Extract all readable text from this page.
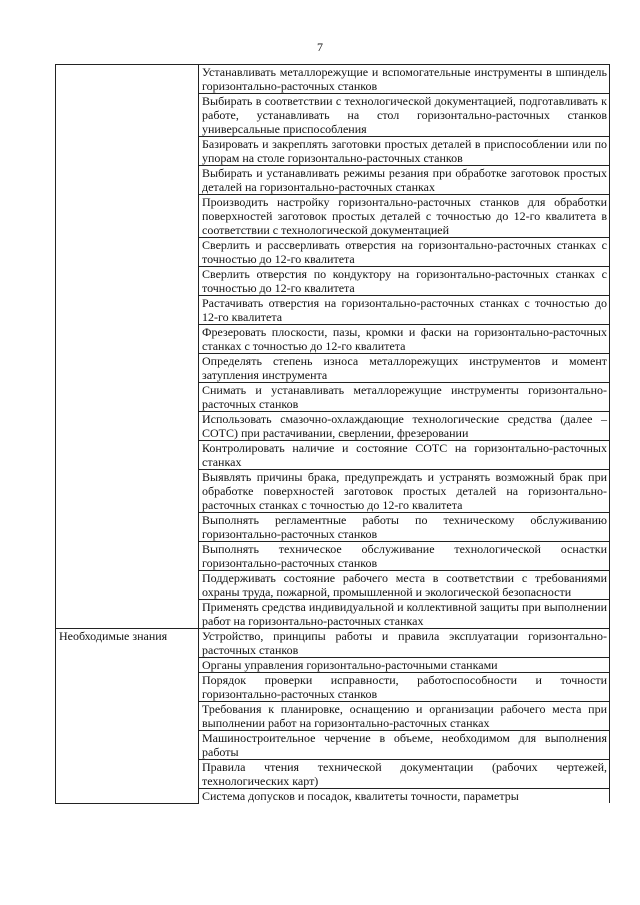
7
	Устанавливать металлорежущие и вспомогательные инструменты в шпиндель горизонтально-расточных станков
	Выбирать в соответствии с технологической документацией, подготавливать к работе, устанавливать на стол горизонтально-расточных станков универсальные приспособления
	Базировать и закреплять заготовки простых деталей в приспособлении или по упорам на столе горизонтально-расточных станков
	Выбирать и устанавливать режимы резания при обработке заготовок простых деталей на горизонтально-расточных станках
	Производить настройку горизонтально-расточных станков для обработки поверхностей заготовок простых деталей с точностью до 12-го квалитета в соответствии с технологической документацией
	Сверлить и рассверливать отверстия на горизонтально-расточных станках с точностью до 12-го квалитета
	Сверлить отверстия по кондуктору на горизонтально-расточных станках с точностью до 12-го квалитета
	Растачивать отверстия на горизонтально-расточных станках с точностью до 12-го квалитета
	Фрезеровать плоскости, пазы, кромки и фаски на горизонтально-расточных станках с точностью до 12-го квалитета
	Определять степень износа металлорежущих инструментов и момент затупления инструмента
	Снимать и устанавливать металлорежущие инструменты горизонтально-расточных станков
	Использовать смазочно-охлаждающие технологические средства (далее – СОТС) при растачивании, сверлении, фрезеровании
	Контролировать наличие и состояние СОТС на горизонтально-расточных станках
	Выявлять причины брака, предупреждать и устранять возможный брак при обработке поверхностей заготовок простых деталей на горизонтально-расточных станках с точностью до 12-го квалитета
	Выполнять регламентные работы по техническому обслуживанию горизонтально-расточных станков
	Выполнять техническое обслуживание технологической оснастки горизонтально-расточных станков
	Поддерживать состояние рабочего места в соответствии с требованиями охраны труда, пожарной, промышленной и экологической безопасности
	Применять средства индивидуальной и коллективной защиты при выполнении работ на горизонтально-расточных станках
Необходимые знания	Устройство, принципы работы и правила эксплуатации горизонтально-расточных станков
	Органы управления горизонтально-расточными станками
	Порядок проверки исправности, работоспособности и точности горизонтально-расточных станков
	Требования к планировке, оснащению и организации рабочего места при выполнении работ на горизонтально-расточных станках
	Машиностроительное черчение в объеме, необходимом для выполнения работы
	Правила чтения технической документации (рабочих чертежей, технологических карт)
	Система допусков и посадок, квалитеты точности, параметры
